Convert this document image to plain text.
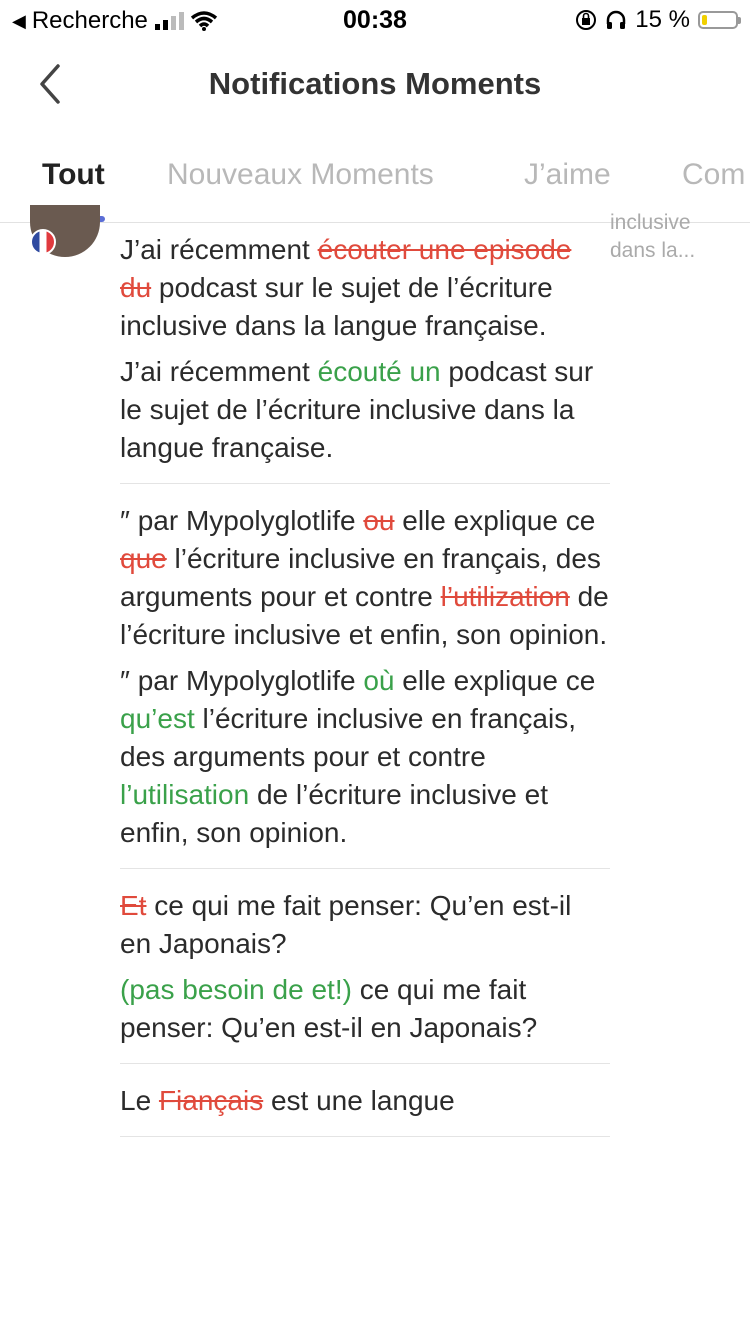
◀ Recherche	00:38	15 %
Notifications Moments
Tout Nouveaux Moments	J’aime Com
inclusive dans la...

J’ai récemment écouter une episode du podcast sur le sujet de l’écriture inclusive dans la langue française.

J’ai récemment écouté un podcast sur le sujet de l’écriture inclusive dans la langue française.

″ par Mypolyglotlife ou elle explique ce que l’écriture inclusive en français, des arguments pour et contre l’utilization de l’écriture inclusive et enfin, son opinion.

″ par Mypolyglotlife où elle explique ce qu’est l’écriture inclusive en français, des arguments pour et contre l’utilisation de l’écriture inclusive et enfin, son opinion.

Et ce qui me fait penser: Qu’en est-il en Japonais?

(pas besoin de et!) ce qui me fait penser: Qu’en est-il en Japonais?

Le Fiançais est une langue
